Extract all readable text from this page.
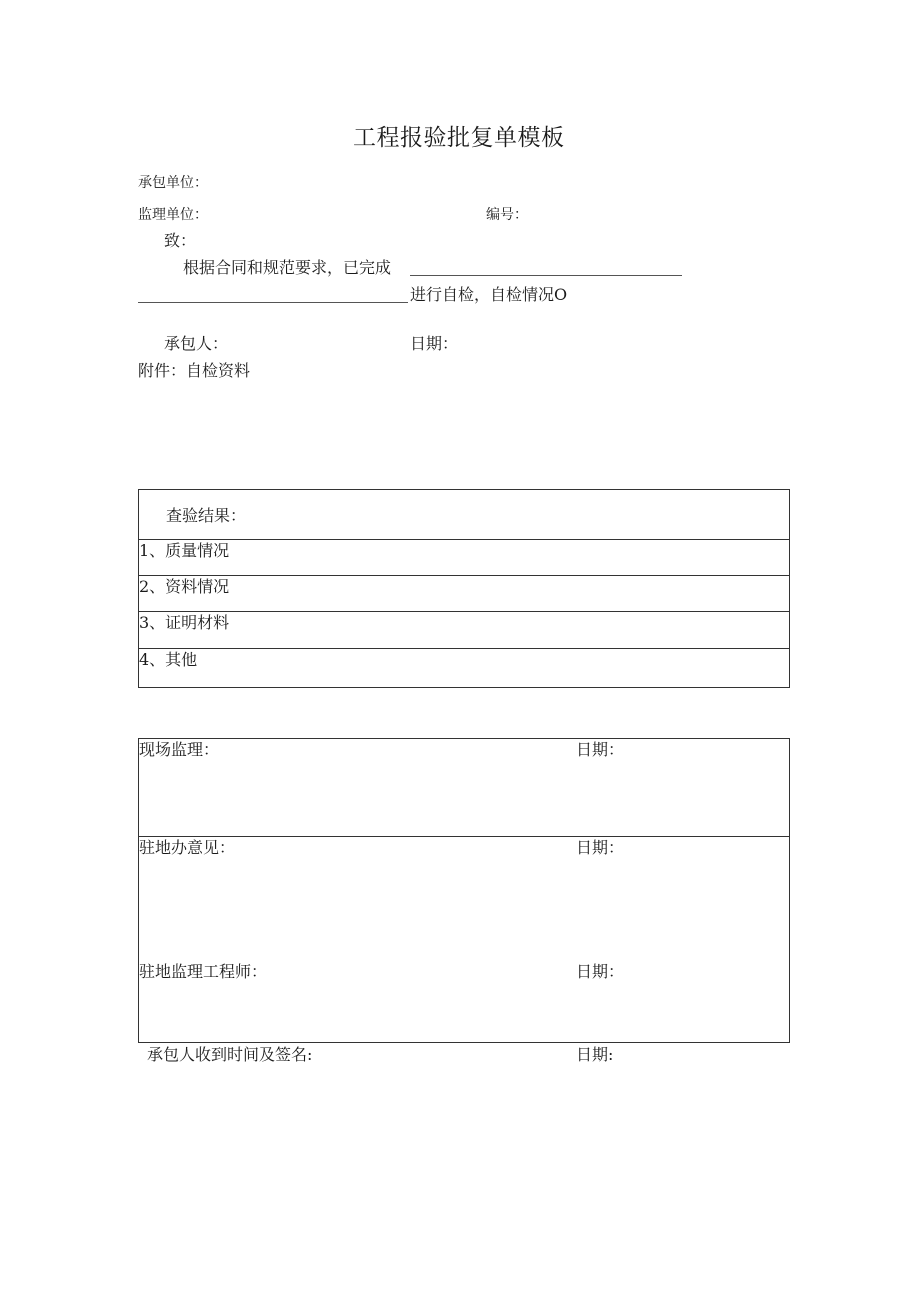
工程报验批复单模板
承包单位：
监理单位：	编号：
致：
根据合同和规范要求，已完成
进行自检，自检情况O
承包人：	日期：
附件：自检资料
查验结果：
1、质量情况
2、资料情况
3、证明材料
4、其他
现场监理：	日期：
驻地办意见：	日期：
驻地监理工程师：	日期：
承包人收到时间及签名:	日期:
